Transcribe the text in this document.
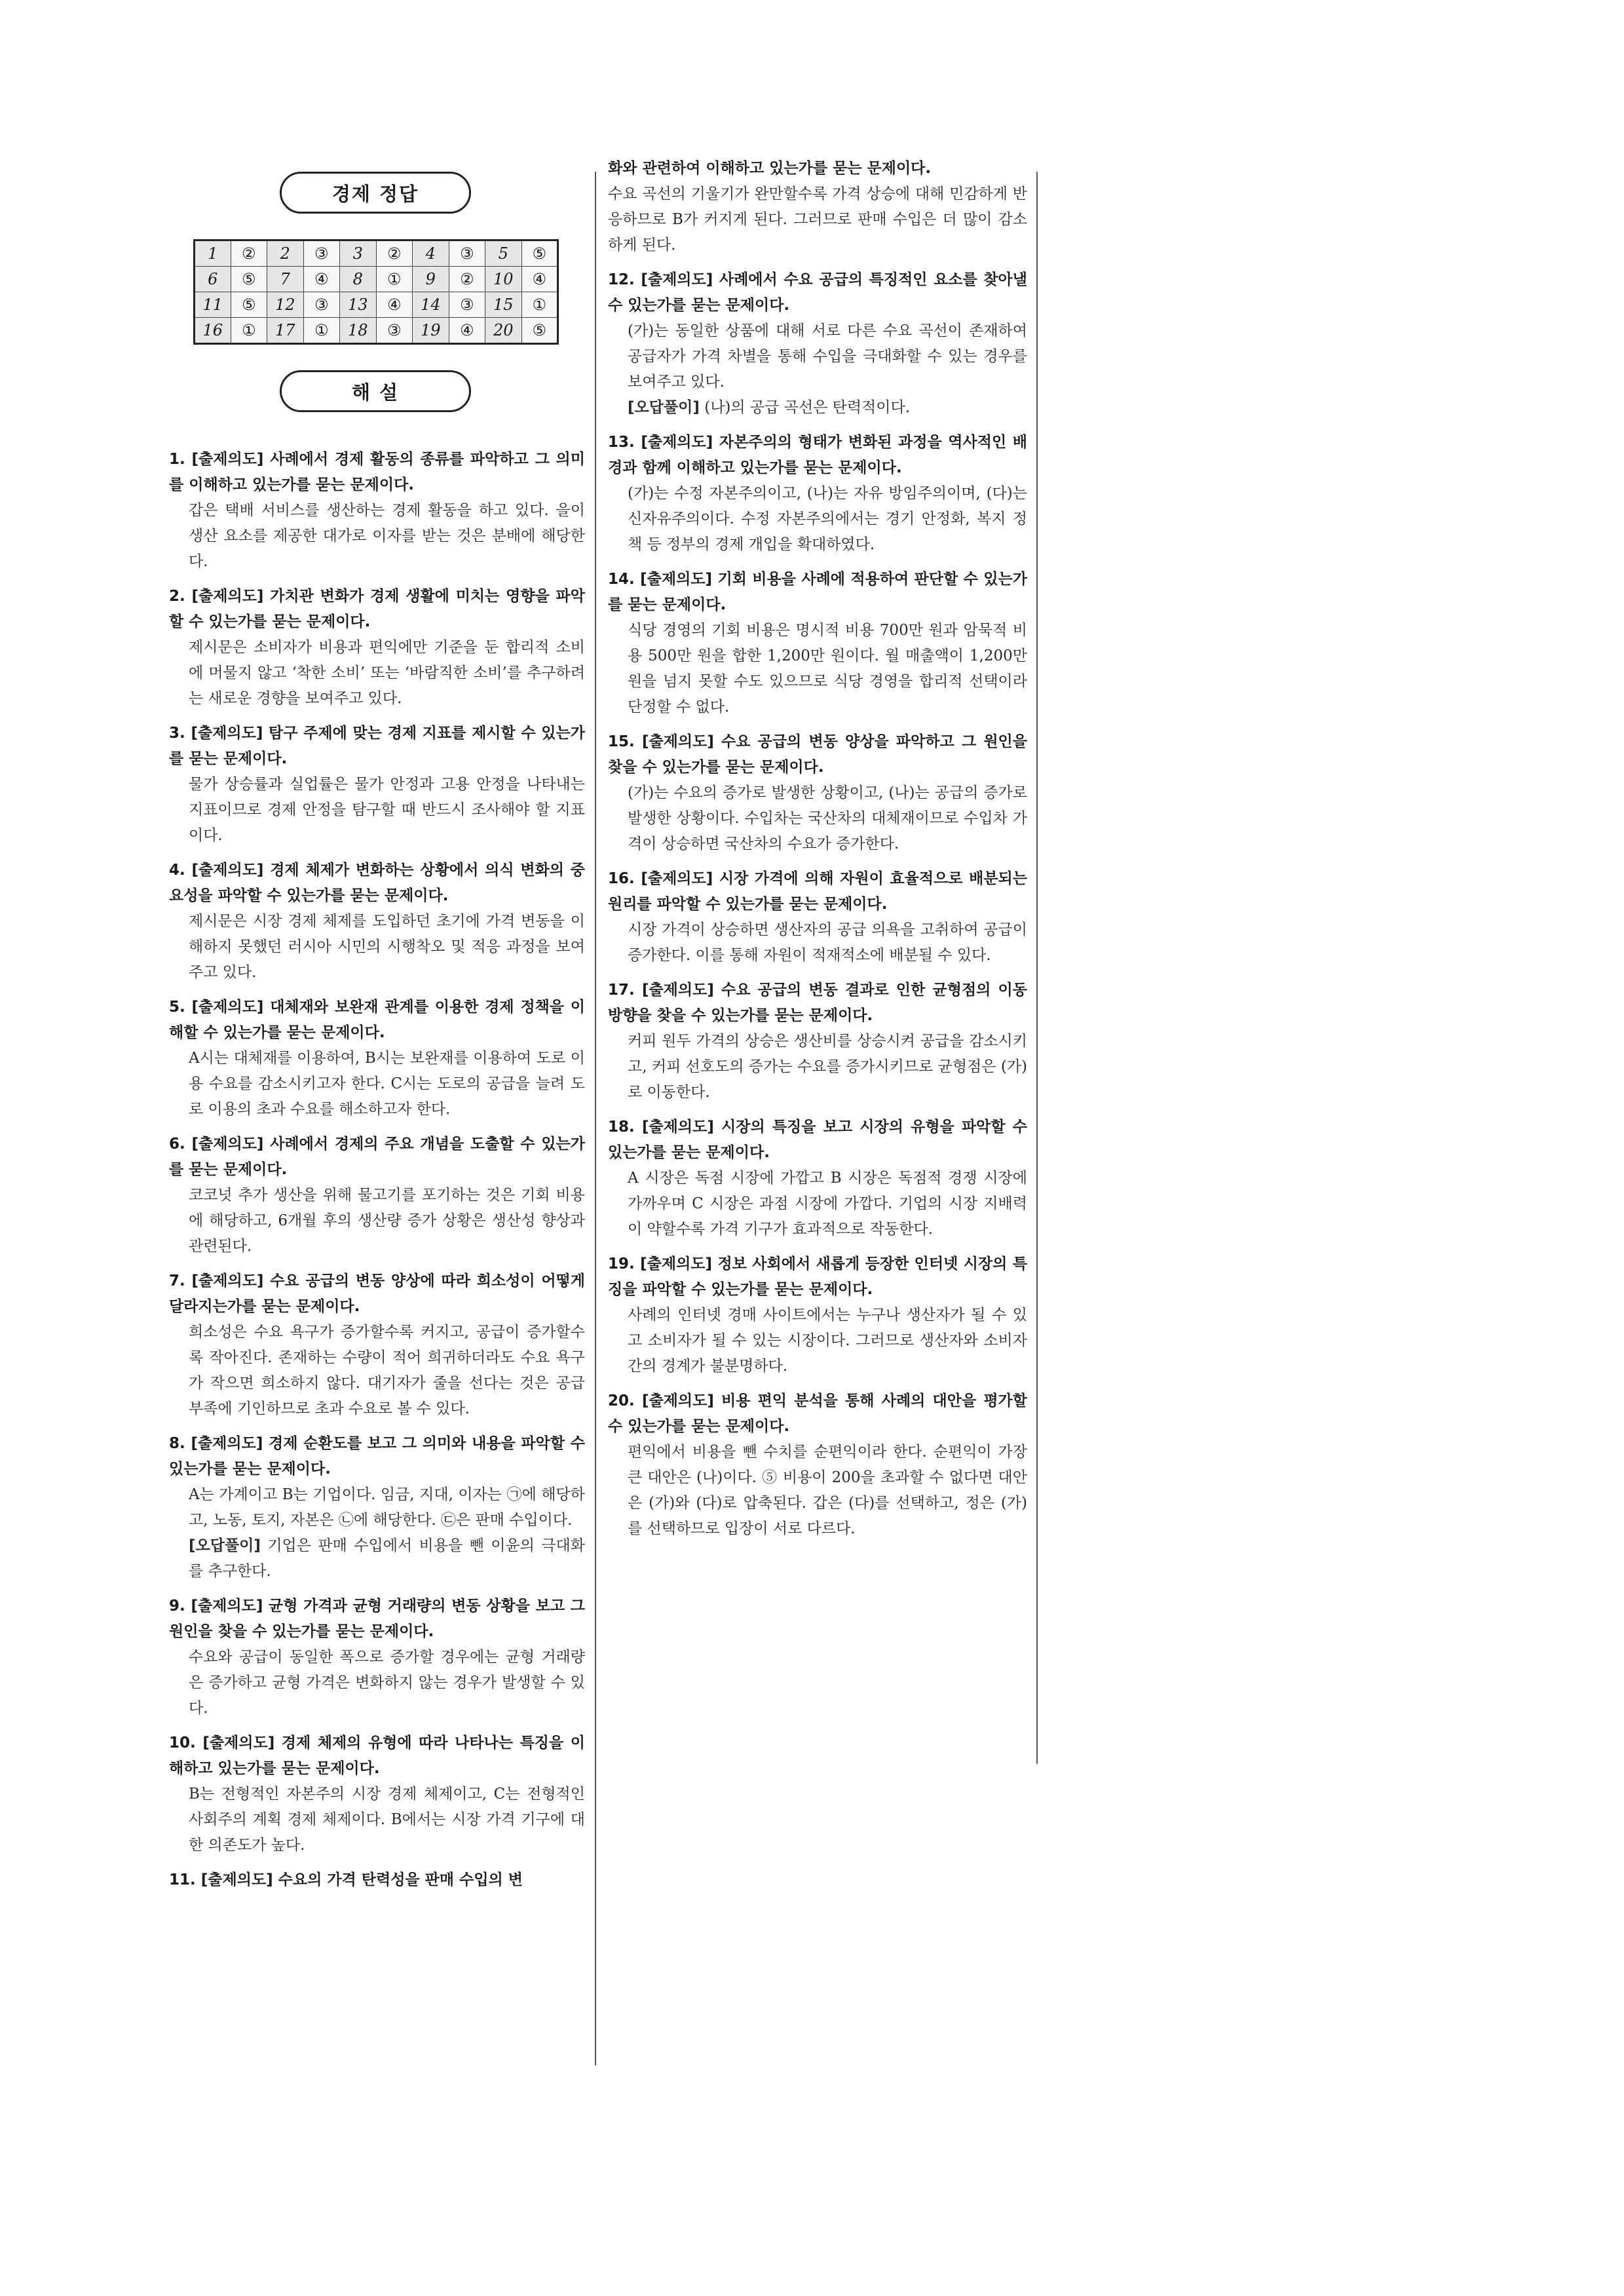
경제 정답
1	②	2	③	3	②	4	③	5	⑤
6	⑤	7	④	8	①	9	②	10	④
11	⑤	12	③	13	④	14	③	15	①
16	①	17	①	18	③	19	④	20	⑤
해 설
1. [출제의도] 사례에서 경제 활동의 종류를 파악하고 그 의미를 이해하고 있는가를 묻는 문제이다.
갑은 택배 서비스를 생산하는 경제 활동을 하고 있다. 을이 생산 요소를 제공한 대가로 이자를 받는 것은 분배에 해당한다.
2. [출제의도] 가치관 변화가 경제 생활에 미치는 영향을 파악할 수 있는가를 묻는 문제이다.
제시문은 소비자가 비용과 편익에만 기준을 둔 합리적 소비에 머물지 않고 ‘착한 소비’ 또는 ‘바람직한 소비’를 추구하려는 새로운 경향을 보여주고 있다.
3. [출제의도] 탐구 주제에 맞는 경제 지표를 제시할 수 있는가를 묻는 문제이다.
물가 상승률과 실업률은 물가 안정과 고용 안정을 나타내는 지표이므로 경제 안정을 탐구할 때 반드시 조사해야 할 지표이다.
4. [출제의도] 경제 체제가 변화하는 상황에서 의식 변화의 중요성을 파악할 수 있는가를 묻는 문제이다.
제시문은 시장 경제 체제를 도입하던 초기에 가격 변동을 이해하지 못했던 러시아 시민의 시행착오 및 적응 과정을 보여주고 있다.
5. [출제의도] 대체재와 보완재 관계를 이용한 경제 정책을 이해할 수 있는가를 묻는 문제이다.
A시는 대체재를 이용하여, B시는 보완재를 이용하여 도로 이용 수요를 감소시키고자 한다. C시는 도로의 공급을 늘려 도로 이용의 초과 수요를 해소하고자 한다.
6. [출제의도] 사례에서 경제의 주요 개념을 도출할 수 있는가를 묻는 문제이다.
코코넛 추가 생산을 위해 물고기를 포기하는 것은 기회 비용에 해당하고, 6개월 후의 생산량 증가 상황은 생산성 향상과 관련된다.
7. [출제의도] 수요 공급의 변동 양상에 따라 희소성이 어떻게 달라지는가를 묻는 문제이다.
희소성은 수요 욕구가 증가할수록 커지고, 공급이 증가할수록 작아진다. 존재하는 수량이 적어 희귀하더라도 수요 욕구가 작으면 희소하지 않다. 대기자가 줄을 선다는 것은 공급 부족에 기인하므로 초과 수요로 볼 수 있다.
8. [출제의도] 경제 순환도를 보고 그 의미와 내용을 파악할 수 있는가를 묻는 문제이다.
A는 가계이고 B는 기업이다. 임금, 지대, 이자는 ㉠에 해당하고, 노동, 토지, 자본은 ㉡에 해당한다. ㉢은 판매 수입이다.
[오답풀이] 기업은 판매 수입에서 비용을 뺀 이윤의 극대화를 추구한다.
9. [출제의도] 균형 가격과 균형 거래량의 변동 상황을 보고 그 원인을 찾을 수 있는가를 묻는 문제이다.
수요와 공급이 동일한 폭으로 증가할 경우에는 균형 거래량은 증가하고 균형 가격은 변화하지 않는 경우가 발생할 수 있다.
10. [출제의도] 경제 체제의 유형에 따라 나타나는 특징을 이해하고 있는가를 묻는 문제이다.
B는 전형적인 자본주의 시장 경제 체제이고, C는 전형적인 사회주의 계획 경제 체제이다. B에서는 시장 가격 기구에 대한 의존도가 높다.
11. [출제의도] 수요의 가격 탄력성을 판매 수입의 변
화와 관련하여 이해하고 있는가를 묻는 문제이다.
수요 곡선의 기울기가 완만할수록 가격 상승에 대해 민감하게 반응하므로 B가 커지게 된다. 그러므로 판매 수입은 더 많이 감소하게 된다.
12. [출제의도] 사례에서 수요 공급의 특징적인 요소를 찾아낼 수 있는가를 묻는 문제이다.
(가)는 동일한 상품에 대해 서로 다른 수요 곡선이 존재하여 공급자가 가격 차별을 통해 수입을 극대화할 수 있는 경우를 보여주고 있다.
[오답풀이] (나)의 공급 곡선은 탄력적이다.
13. [출제의도] 자본주의의 형태가 변화된 과정을 역사적인 배경과 함께 이해하고 있는가를 묻는 문제이다.
(가)는 수정 자본주의이고, (나)는 자유 방임주의이며, (다)는 신자유주의이다. 수정 자본주의에서는 경기 안정화, 복지 정책 등 정부의 경제 개입을 확대하였다.
14. [출제의도] 기회 비용을 사례에 적용하여 판단할 수 있는가를 묻는 문제이다.
식당 경영의 기회 비용은 명시적 비용 700만 원과 암묵적 비용 500만 원을 합한 1,200만 원이다. 월 매출액이 1,200만 원을 넘지 못할 수도 있으므로 식당 경영을 합리적 선택이라 단정할 수 없다.
15. [출제의도] 수요 공급의 변동 양상을 파악하고 그 원인을 찾을 수 있는가를 묻는 문제이다.
(가)는 수요의 증가로 발생한 상황이고, (나)는 공급의 증가로 발생한 상황이다. 수입차는 국산차의 대체재이므로 수입차 가격이 상승하면 국산차의 수요가 증가한다.
16. [출제의도] 시장 가격에 의해 자원이 효율적으로 배분되는 원리를 파악할 수 있는가를 묻는 문제이다.
시장 가격이 상승하면 생산자의 공급 의욕을 고취하여 공급이 증가한다. 이를 통해 자원이 적재적소에 배분될 수 있다.
17. [출제의도] 수요 공급의 변동 결과로 인한 균형점의 이동 방향을 찾을 수 있는가를 묻는 문제이다.
커피 원두 가격의 상승은 생산비를 상승시켜 공급을 감소시키고, 커피 선호도의 증가는 수요를 증가시키므로 균형점은 (가)로 이동한다.
18. [출제의도] 시장의 특징을 보고 시장의 유형을 파악할 수 있는가를 묻는 문제이다.
A 시장은 독점 시장에 가깝고 B 시장은 독점적 경쟁 시장에 가까우며 C 시장은 과점 시장에 가깝다. 기업의 시장 지배력이 약할수록 가격 기구가 효과적으로 작동한다.
19. [출제의도] 정보 사회에서 새롭게 등장한 인터넷 시장의 특징을 파악할 수 있는가를 묻는 문제이다.
사례의 인터넷 경매 사이트에서는 누구나 생산자가 될 수 있고 소비자가 될 수 있는 시장이다. 그러므로 생산자와 소비자 간의 경계가 불분명하다.
20. [출제의도] 비용 편익 분석을 통해 사례의 대안을 평가할 수 있는가를 묻는 문제이다.
편익에서 비용을 뺀 수치를 순편익이라 한다. 순편익이 가장 큰 대안은 (나)이다. ⑤ 비용이 200을 초과할 수 없다면 대안은 (가)와 (다)로 압축된다. 갑은 (다)를 선택하고, 정은 (가)를 선택하므로 입장이 서로 다르다.
